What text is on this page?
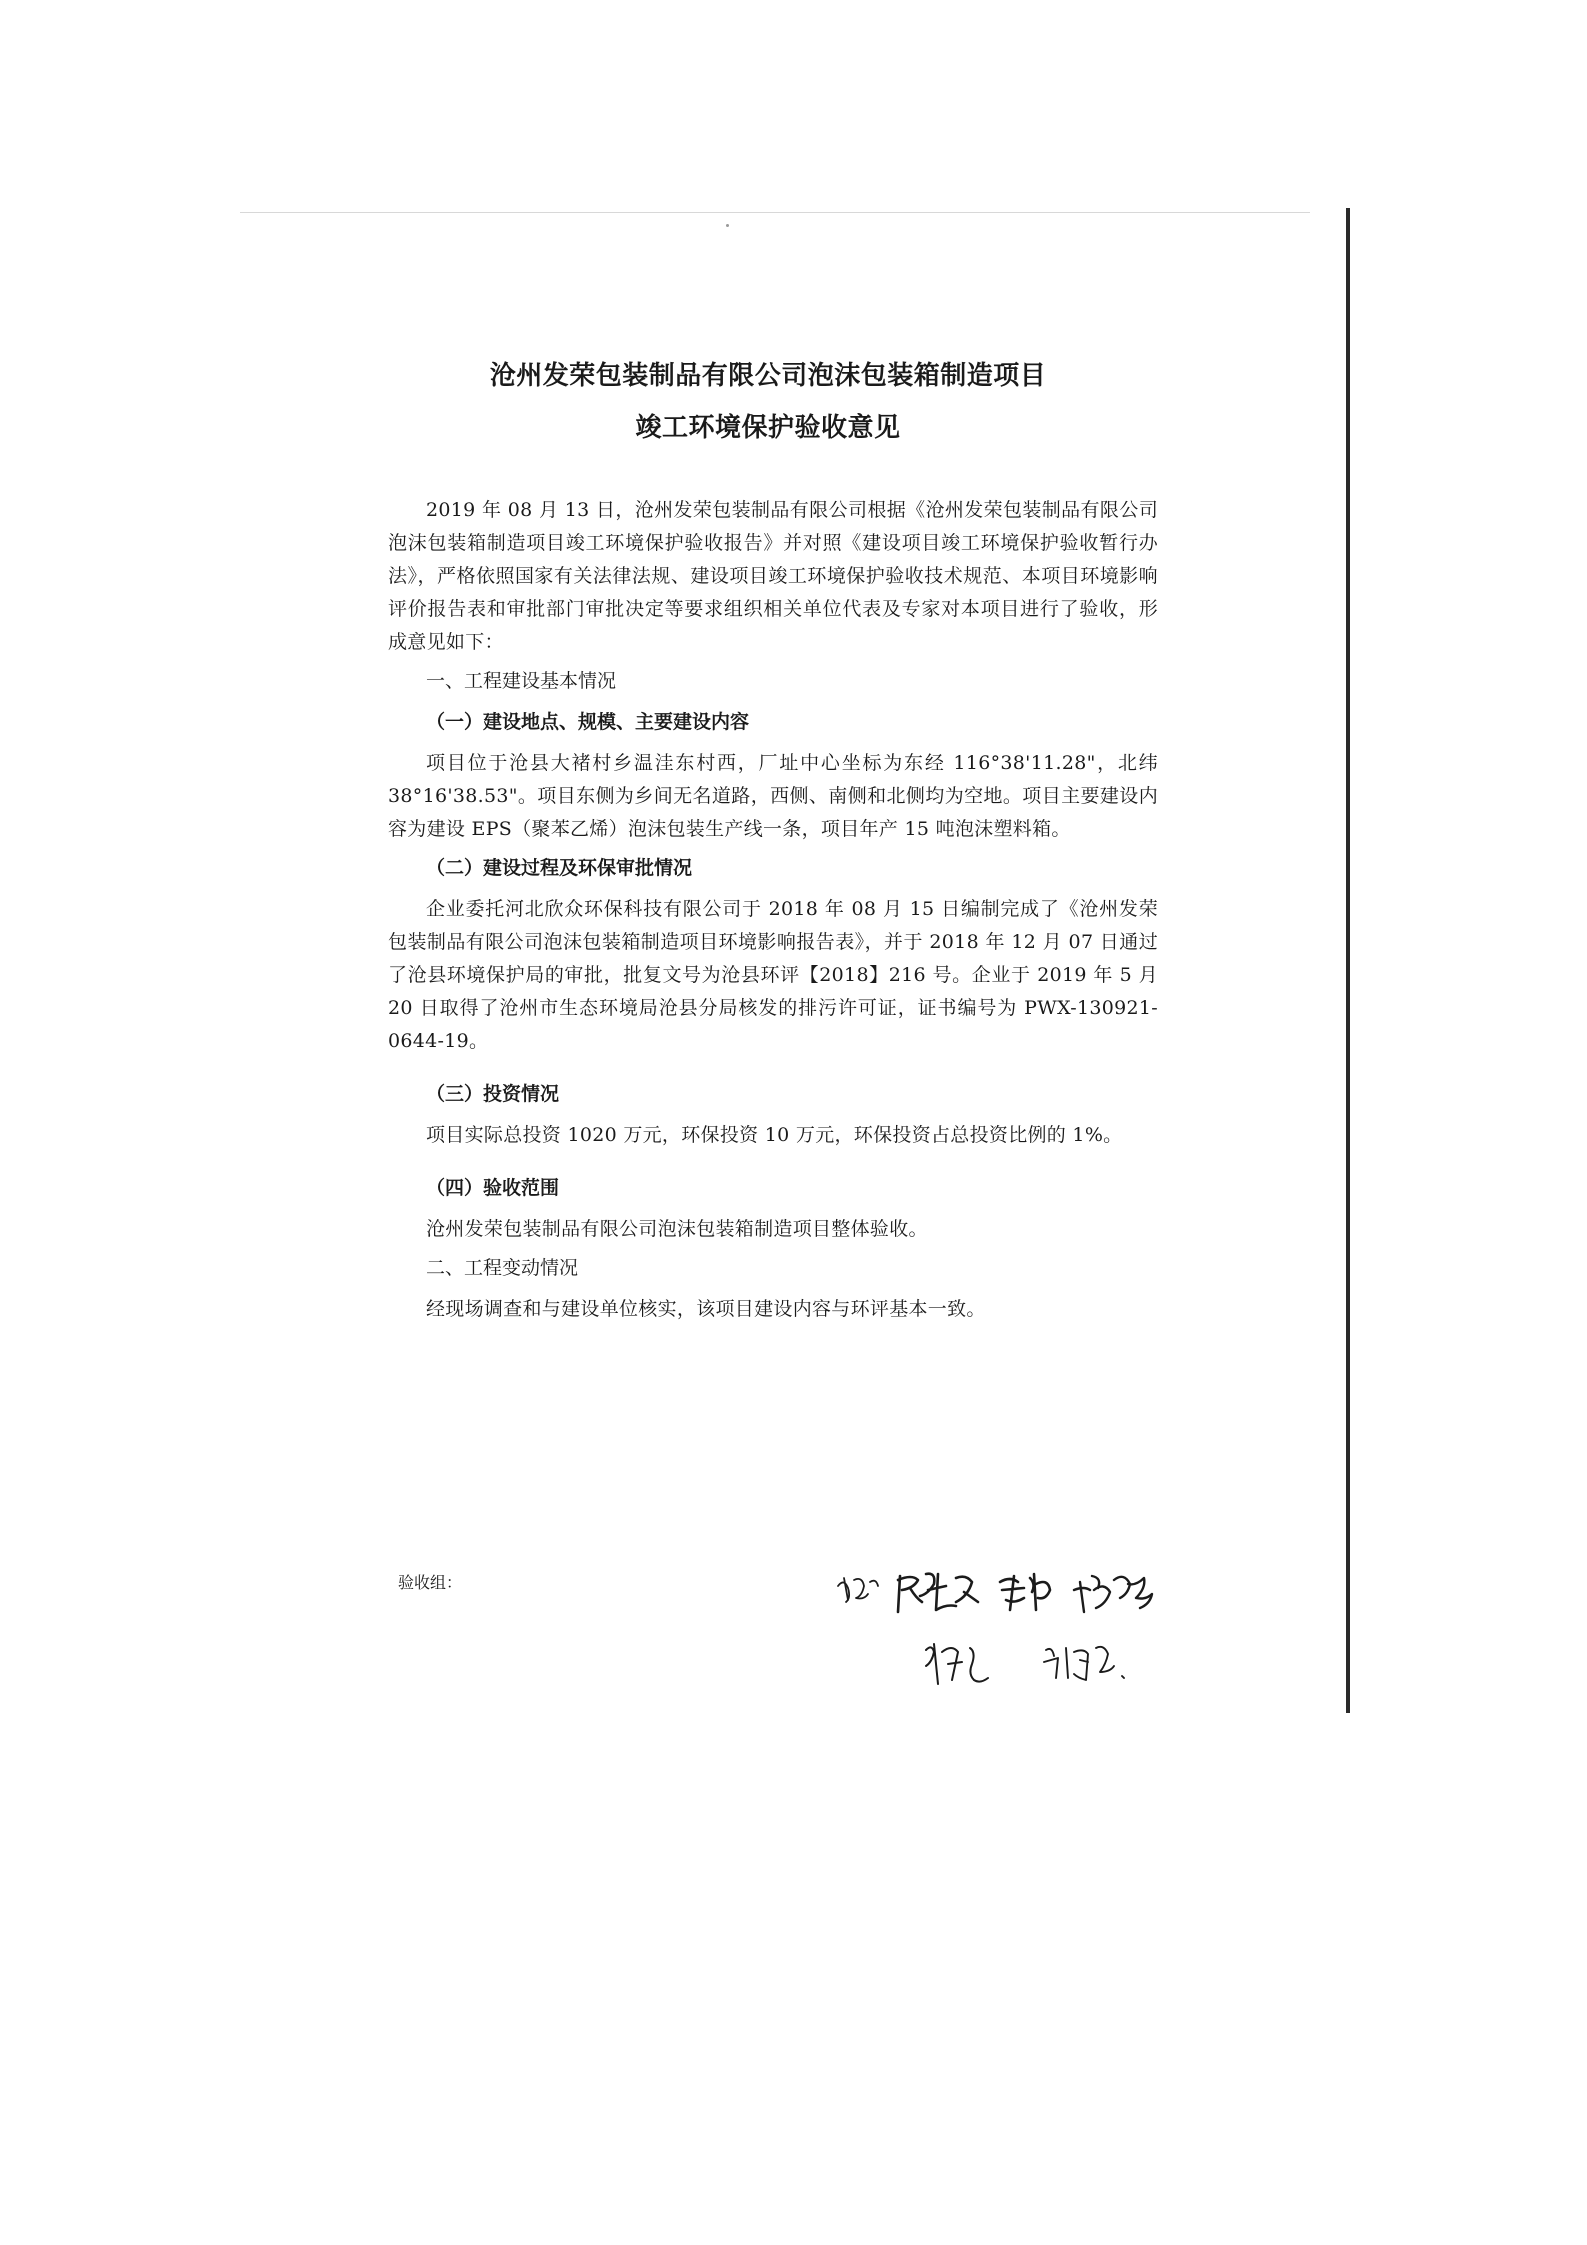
沧州发荣包装制品有限公司泡沫包装箱制造项目
竣工环境保护验收意见

2019 年 08 月 13 日，沧州发荣包装制品有限公司根据《沧州发荣包装制品有限公司泡沫包装箱制造项目竣工环境保护验收报告》并对照《建设项目竣工环境保护验收暂行办法》，严格依照国家有关法律法规、建设项目竣工环境保护验收技术规范、本项目环境影响评价报告表和审批部门审批决定等要求组织相关单位代表及专家对本项目进行了验收，形成意见如下：

一、工程建设基本情况
（一）建设地点、规模、主要建设内容

项目位于沧县大褚村乡温洼东村西，厂址中心坐标为东经 116°38'11.28"，北纬 38°16'38.53"。项目东侧为乡间无名道路，西侧、南侧和北侧均为空地。项目主要建设内容为建设 EPS（聚苯乙烯）泡沫包装生产线一条，项目年产 15 吨泡沫塑料箱。

（二）建设过程及环保审批情况

企业委托河北欣众环保科技有限公司于 2018 年 08 月 15 日编制完成了《沧州发荣包装制品有限公司泡沫包装箱制造项目环境影响报告表》，并于 2018 年 12 月 07 日通过了沧县环境保护局的审批，批复文号为沧县环评【2018】216 号。企业于 2019 年 5 月 20 日取得了沧州市生态环境局沧县分局核发的排污许可证，证书编号为 PWX-130921-0644-19。

（三）投资情况

项目实际总投资 1020 万元，环保投资 10 万元，环保投资占总投资比例的 1%。

（四）验收范围

沧州发荣包装制品有限公司泡沫包装箱制造项目整体验收。

二、工程变动情况

经现场调查和与建设单位核实，该项目建设内容与环评基本一致。

验收组：
